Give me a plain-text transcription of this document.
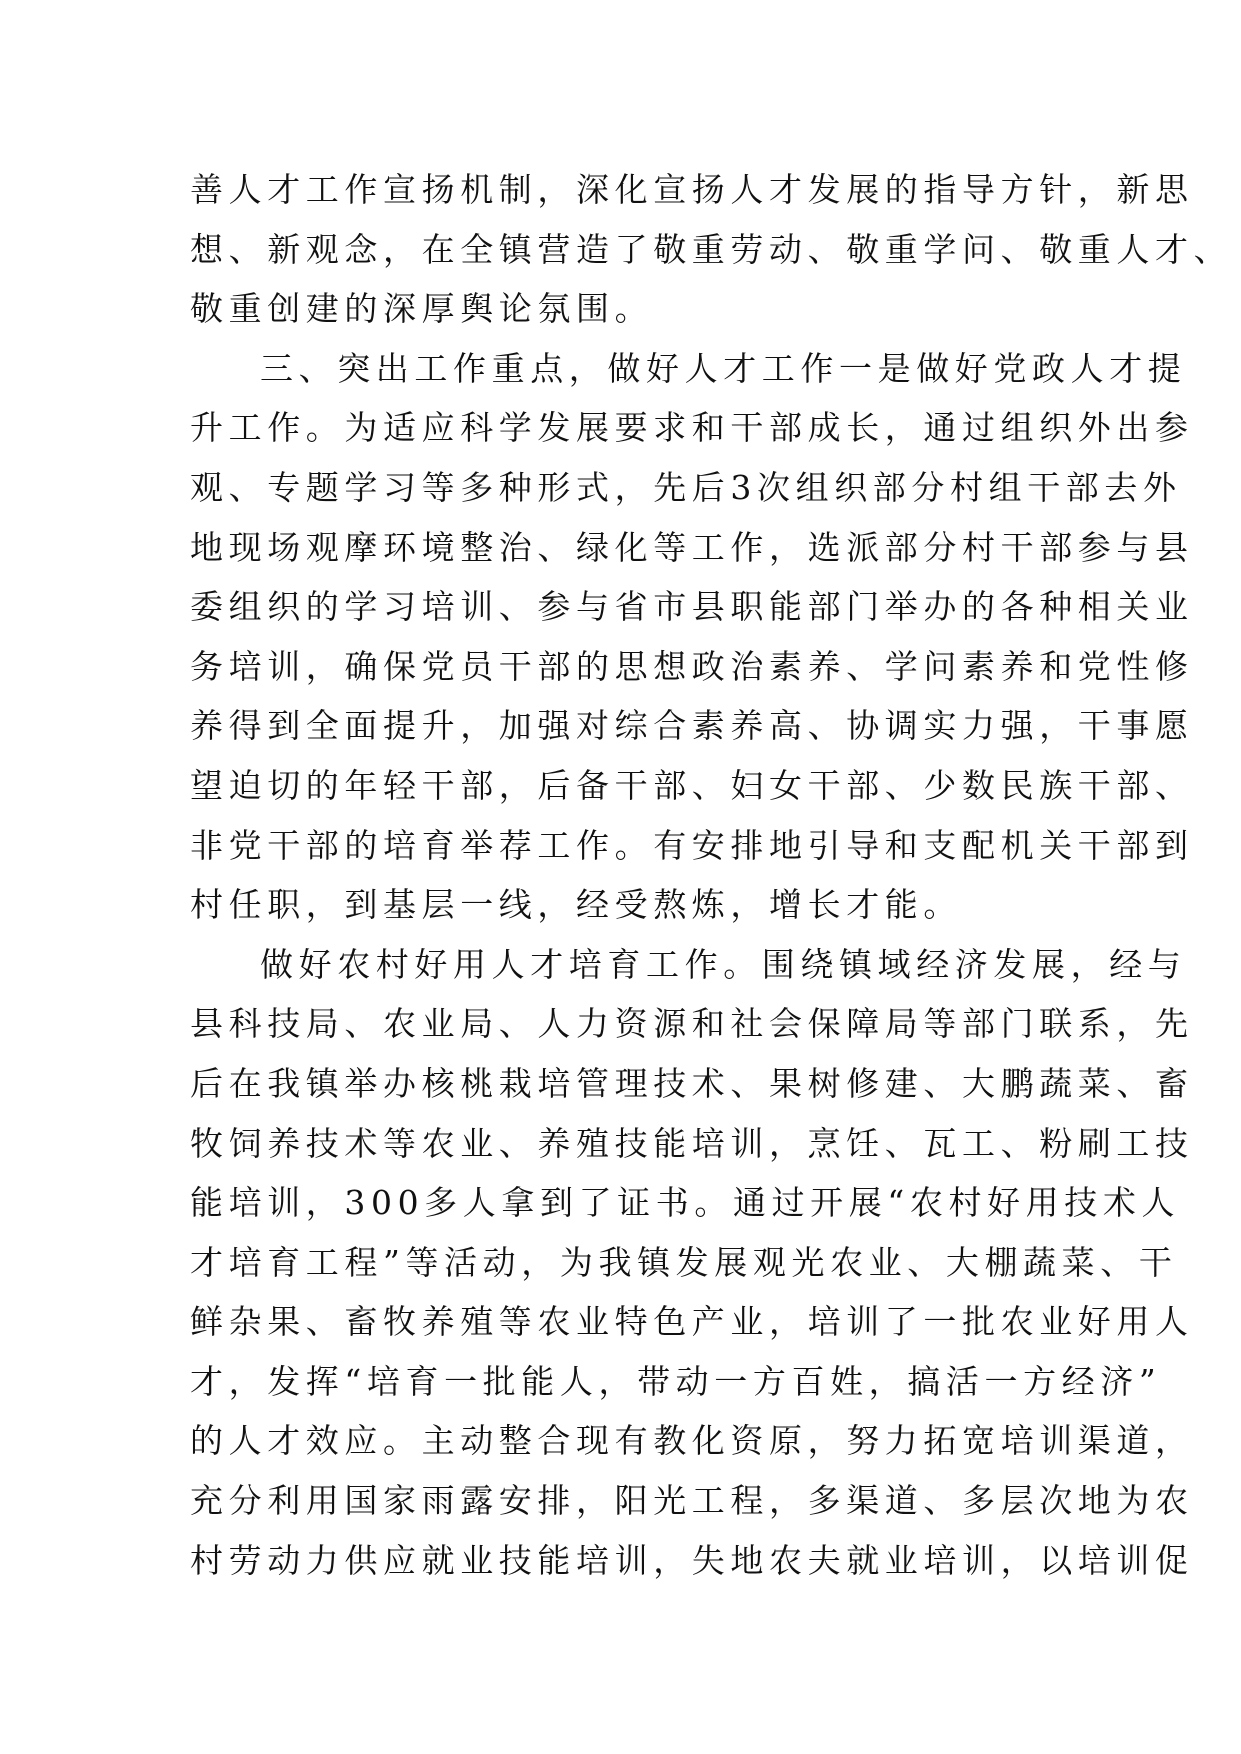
善人才工作宣扬机制，深化宣扬人才发展的指导方针，新思
想、新观念，在全镇营造了敬重劳动、敬重学问、敬重人才、
敬重创建的深厚舆论氛围。
三、突出工作重点，做好人才工作一是做好党政人才提
升工作。为适应科学发展要求和干部成长，通过组织外出参
观、专题学习等多种形式，先后3次组织部分村组干部去外
地现场观摩环境整治、绿化等工作，选派部分村干部参与县
委组织的学习培训、参与省市县职能部门举办的各种相关业
务培训，确保党员干部的思想政治素养、学问素养和党性修
养得到全面提升，加强对综合素养高、协调实力强，干事愿
望迫切的年轻干部，后备干部、妇女干部、少数民族干部、
非党干部的培育举荐工作。有安排地引导和支配机关干部到
村任职，到基层一线，经受熬炼，增长才能。
做好农村好用人才培育工作。围绕镇域经济发展，经与
县科技局、农业局、人力资源和社会保障局等部门联系，先
后在我镇举办核桃栽培管理技术、果树修建、大鹏蔬菜、畜
牧饲养技术等农业、养殖技能培训，烹饪、瓦工、粉刷工技
能培训，300多人拿到了证书。通过开展“农村好用技术人
才培育工程”等活动，为我镇发展观光农业、大棚蔬菜、干
鲜杂果、畜牧养殖等农业特色产业，培训了一批农业好用人
才，发挥“培育一批能人，带动一方百姓，搞活一方经济”
的人才效应。主动整合现有教化资原，努力拓宽培训渠道，
充分利用国家雨露安排，阳光工程，多渠道、多层次地为农
村劳动力供应就业技能培训，失地农夫就业培训，以培训促
